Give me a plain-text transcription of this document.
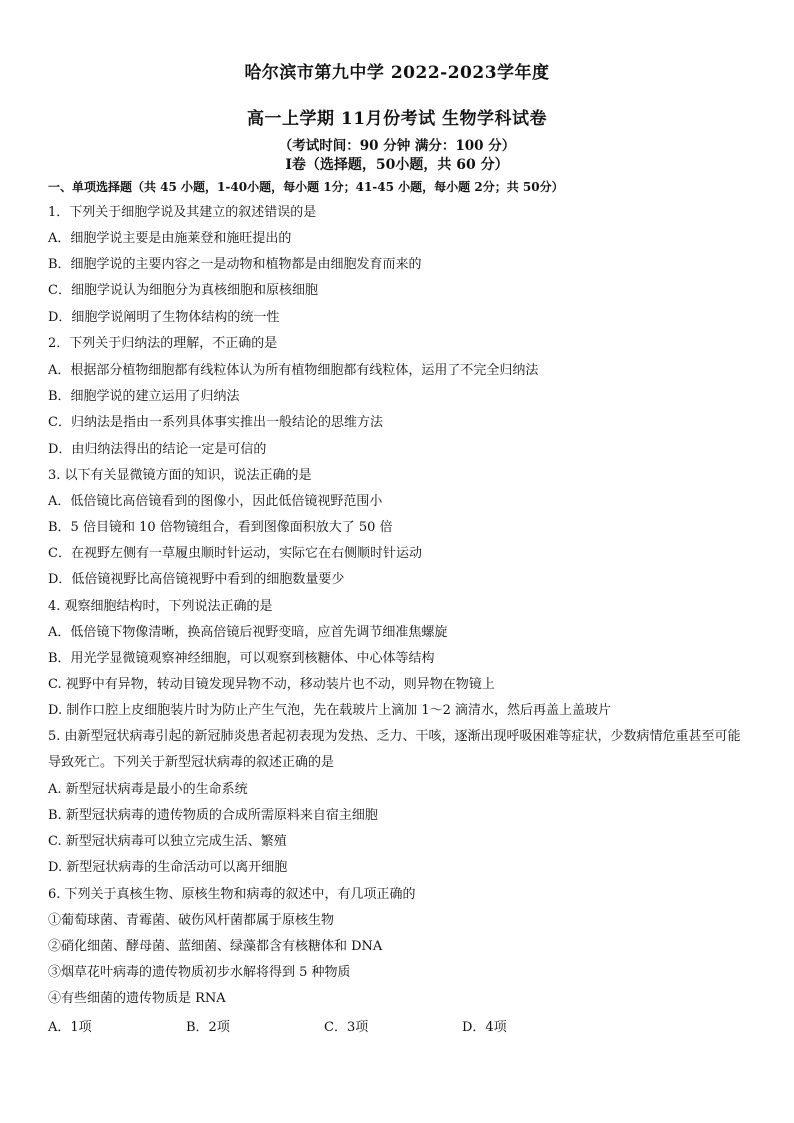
哈尔滨市第九中学 2022-2023学年度
高一上学期 11月份考试 生物学科试卷
（考试时间：90 分钟 满分：100 分）
Ⅰ卷（选择题，50小题，共 60 分）
一、单项选择题（共 45 小题，1-40小题，每小题 1分；41-45 小题，每小题 2分；共 50分）
1．下列关于细胞学说及其建立的叙述错误的是
A．细胞学说主要是由施莱登和施旺提出的
B．细胞学说的主要内容之一是动物和植物都是由细胞发育而来的
C．细胞学说认为细胞分为真核细胞和原核细胞
D．细胞学说阐明了生物体结构的统一性
2．下列关于归纳法的理解，不正确的是
A．根据部分植物细胞都有线粒体认为所有植物细胞都有线粒体，运用了不完全归纳法
B．细胞学说的建立运用了归纳法
C．归纳法是指由一系列具体事实推出一般结论的思维方法
D．由归纳法得出的结论一定是可信的
3. 以下有关显微镜方面的知识，说法正确的是
A．低倍镜比高倍镜看到的图像小，因此低倍镜视野范围小
B．5 倍目镜和 10 倍物镜组合，看到图像面积放大了 50 倍
C．在视野左侧有一草履虫顺时针运动，实际它在右侧顺时针运动
D．低倍镜视野比高倍镜视野中看到的细胞数量要少
4. 观察细胞结构时，下列说法正确的是
A．低倍镜下物像清晰，换高倍镜后视野变暗，应首先调节细准焦螺旋
B．用光学显微镜观察神经细胞，可以观察到核糖体、中心体等结构
C. 视野中有异物，转动目镜发现异物不动，移动装片也不动，则异物在物镜上
D. 制作口腔上皮细胞装片时为防止产生气泡，先在载玻片上滴加 1～2 滴清水，然后再盖上盖玻片
5. 由新型冠状病毒引起的新冠肺炎患者起初表现为发热、乏力、干咳，逐渐出现呼吸困难等症状，少数病情危重甚至可能导致死亡。下列关于新型冠状病毒的叙述正确的是
A. 新型冠状病毒是最小的生命系统
B. 新型冠状病毒的遗传物质的合成所需原料来自宿主细胞
C. 新型冠状病毒可以独立完成生活、繁殖
D. 新型冠状病毒的生命活动可以离开细胞
6. 下列关于真核生物、原核生物和病毒的叙述中，有几项正确的
①葡萄球菌、青霉菌、破伤风杆菌都属于原核生物
②硝化细菌、酵母菌、蓝细菌、绿藻都含有核糖体和 DNA
③烟草花叶病毒的遗传物质初步水解将得到 5 种物质
④有些细菌的遗传物质是 RNA
A．1项	B．2项	C．3项	D．4项
